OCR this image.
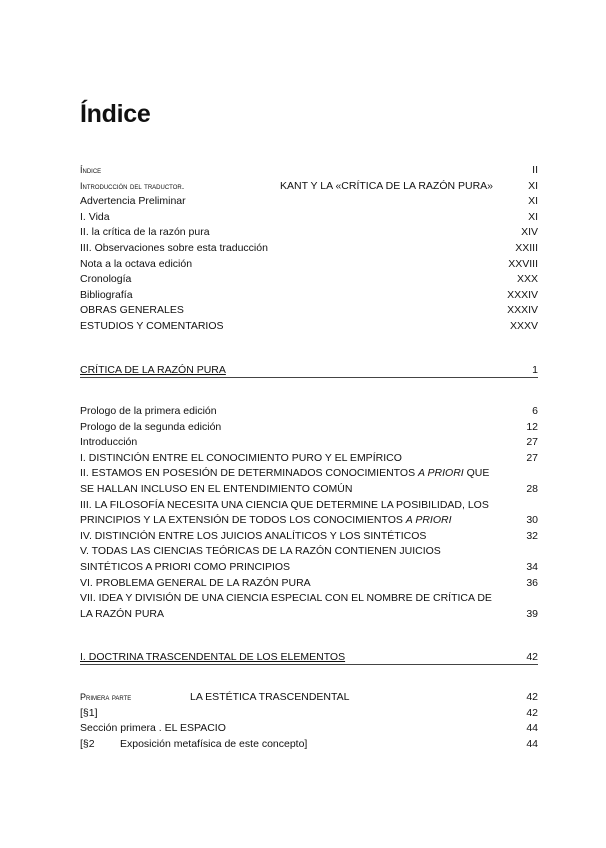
Índice
Índice	II
Introducción del traductor.	KANT Y LA «CRÍTICA DE LA RAZÓN PURA»	XI
Advertencia Preliminar	XI
I. Vida	XI
II. la crítica de la razón pura	XIV
III. Observaciones sobre esta traducción	XXIII
Nota a la octava edición	XXVIII
Cronología	XXX
Bibliografía	XXXIV
OBRAS GENERALES	XXXIV
ESTUDIOS Y COMENTARIOS	XXXV
CRÍTICA DE LA RAZÓN PURA	1
Prologo de la primera edición	6
Prologo de la segunda edición	12
Introducción	27
I. DISTINCIÓN ENTRE EL CONOCIMIENTO PURO Y EL EMPÍRICO	27
II. ESTAMOS EN POSESIÓN DE DETERMINADOS CONOCIMIENTOS A PRIORI QUE SE HALLAN INCLUSO EN EL ENTENDIMIENTO COMÚN	28
III. LA FILOSOFÍA NECESITA UNA CIENCIA QUE DETERMINE LA POSIBILIDAD, LOS PRINCIPIOS Y LA EXTENSIÓN DE TODOS LOS CONOCIMIENTOS A PRIORI	30
IV. DISTINCIÓN ENTRE LOS JUICIOS ANALÍTICOS Y LOS SINTÉTICOS	32
V. TODAS LAS CIENCIAS TEÓRICAS DE LA RAZÓN CONTIENEN JUICIOS SINTÉTICOS A PRIORI COMO PRINCIPIOS	34
VI. PROBLEMA GENERAL DE LA RAZÓN PURA	36
VII. IDEA Y DIVISIÓN DE UNA CIENCIA ESPECIAL CON EL NOMBRE DE CRÍTICA DE LA RAZÓN PURA	39
I. DOCTRINA TRASCENDENTAL DE LOS ELEMENTOS	42
Primera parte	LA ESTÉTICA TRASCENDENTAL	42
[§1]	42
Sección primera . EL ESPACIO	44
[§2 Exposición metafísica de este concepto]	44
